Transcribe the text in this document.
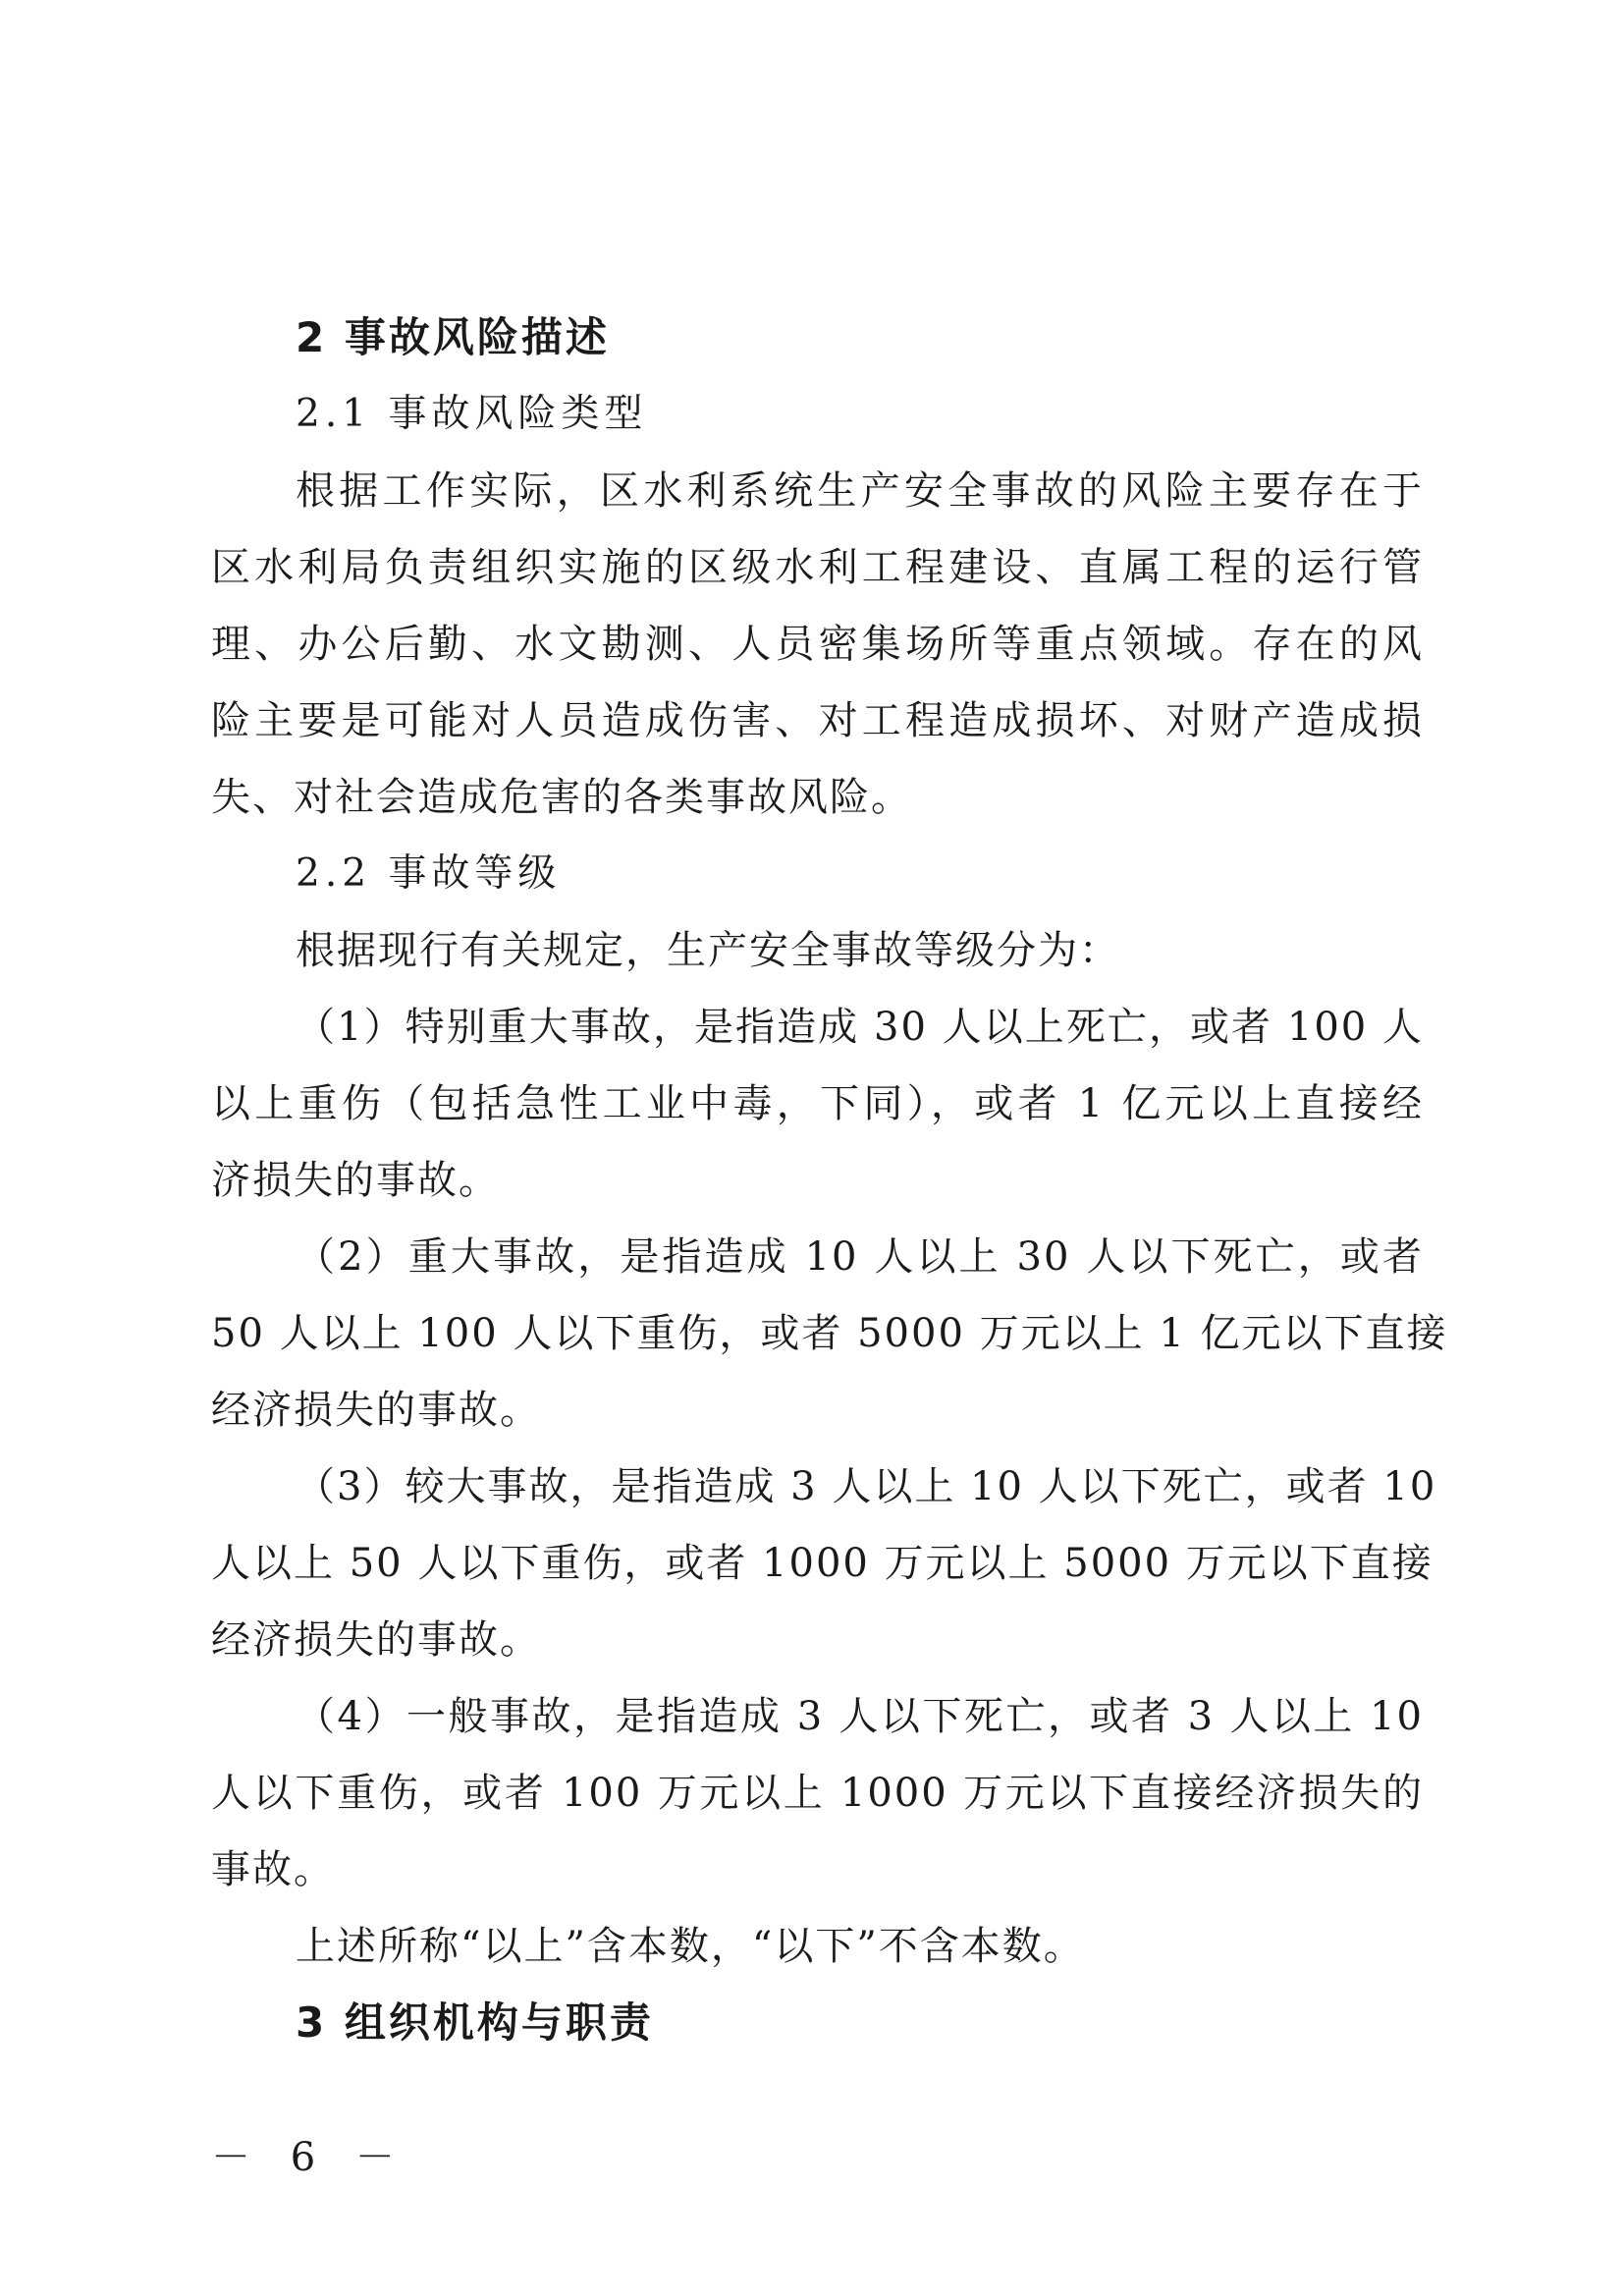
2 事故风险描述
2.1 事故风险类型
根据工作实际，区水利系统生产安全事故的风险主要存在于
区水利局负责组织实施的区级水利工程建设、直属工程的运行管
理、办公后勤、水文勘测、人员密集场所等重点领域。存在的风
险主要是可能对人员造成伤害、对工程造成损坏、对财产造成损
失、对社会造成危害的各类事故风险。
2.2 事故等级
根据现行有关规定，生产安全事故等级分为：
（1）特别重大事故，是指造成 30 人以上死亡，或者 100 人
以上重伤（包括急性工业中毒，下同），或者 1 亿元以上直接经
济损失的事故。
（2）重大事故，是指造成 10 人以上 30 人以下死亡，或者
50 人以上 100 人以下重伤，或者 5000 万元以上 1 亿元以下直接
经济损失的事故。
（3）较大事故，是指造成 3 人以上 10 人以下死亡，或者 10
人以上 50 人以下重伤，或者 1000 万元以上 5000 万元以下直接
经济损失的事故。
（4）一般事故，是指造成 3 人以下死亡，或者 3 人以上 10
人以下重伤，或者 100 万元以上 1000 万元以下直接经济损失的
事故。
上述所称“以上”含本数，“以下”不含本数。
3 组织机构与职责
－ 6 －
